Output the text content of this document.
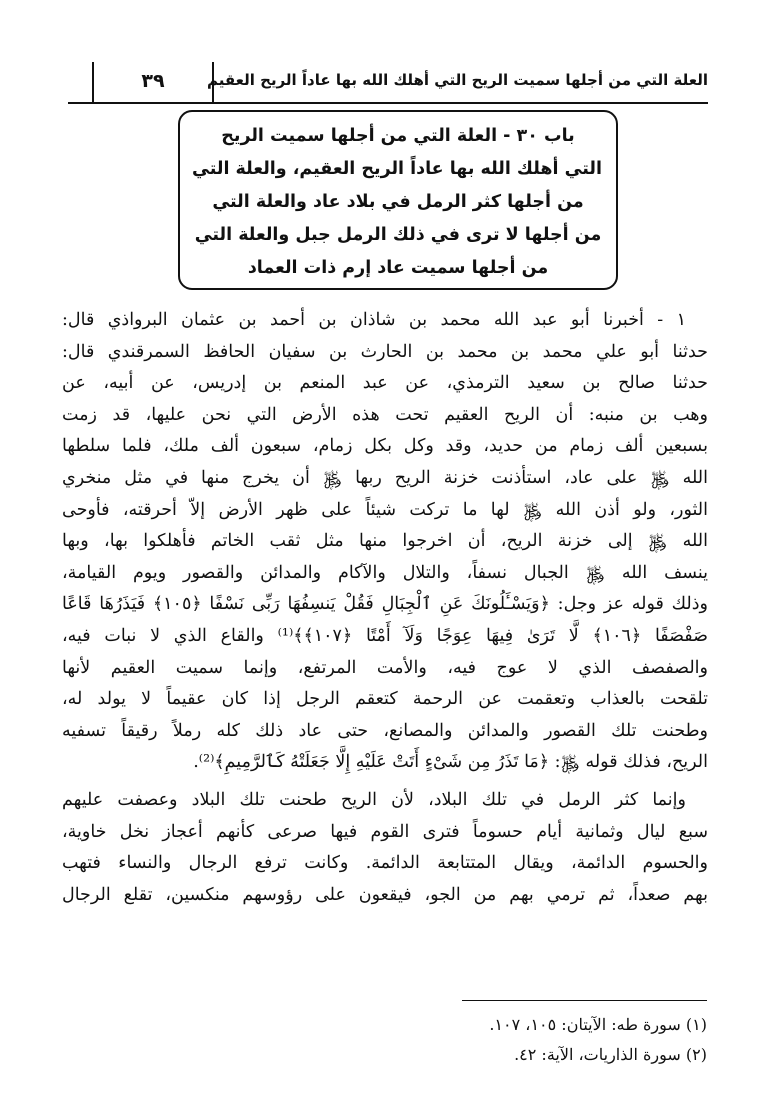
العلة التي من أجلها سميت الريح التي أهلك الله بها عاداً الريح العقيم
٣٩
باب ٣٠ - العلة التي من أجلها سميت الريح
التي أهلك الله بها عاداً الريح العقيم، والعلة التي
من أجلها كثر الرمل في بلاد عاد والعلة التي
من أجلها لا ترى في ذلك الرمل جبل والعلة التي
من أجلها سميت عاد إرم ذات العماد

١ - أخبرنا أبو عبد الله محمد بن شاذان بن أحمد بن عثمان البرواذي قال:
حدثنا أبو علي محمد بن محمد بن الحارث بن سفيان الحافظ السمرقندي قال:
حدثنا صالح بن سعيد الترمذي، عن عبد المنعم بن إدريس، عن أبيه، عن
وهب بن منبه: أن الريح العقيم تحت هذه الأرض التي نحن عليها، قد زمت
بسبعين ألف زمام من حديد، وقد وكل بكل زمام، سبعون ألف ملك، فلما سلطها
الله ﷿ على عاد، استأذنت خزنة الريح ربها ﷿ أن يخرج منها في مثل منخري
الثور، ولو أذن الله ﷿ لها ما تركت شيئاً على ظهر الأرض إلاّ أحرقته، فأوحى
الله ﷿ إلى خزنة الريح، أن اخرجوا منها مثل ثقب الخاتم فأهلكوا بها، وبها
ينسف الله ﷿ الجبال نسفاً، والتلال والآكام والمدائن والقصور ويوم القيامة،
وذلك قوله عز وجل: ﴿وَيَسْـَٔلُونَكَ عَنِ ٱلْجِبَالِ فَقُلْ يَنسِفُهَا رَبِّى نَسْفًا ﴿١٠٥﴾ فَيَذَرُهَا قَاعًا
صَفْصَفًا ﴿١٠٦﴾ لَّا تَرَىٰ فِيهَا عِوَجًا وَلَآ أَمْتًا ﴿١٠٧﴾﴾⁽¹⁾ والقاع الذي لا نبات فيه،
والصفصف الذي لا عوج فيه، والأمت المرتفع، وإنما سميت العقيم لأنها
تلقحت بالعذاب وتعقمت عن الرحمة كتعقم الرجل إذا كان عقيماً لا يولد له،
وطحنت تلك القصور والمدائن والمصانع، حتى عاد ذلك كله رملاً رقيقاً تسفيه
الريح، فذلك قوله ﷿: ﴿مَا تَذَرُ مِن شَىْءٍ أَتَتْ عَلَيْهِ إِلَّا جَعَلَتْهُ كَٱلرَّمِيمِ﴾⁽²⁾.

وإنما كثر الرمل في تلك البلاد، لأن الريح طحنت تلك البلاد وعصفت عليهم
سبع ليال وثمانية أيام حسوماً فترى القوم فيها صرعى كأنهم أعجاز نخل خاوية،
والحسوم الدائمة، ويقال المتتابعة الدائمة. وكانت ترفع الرجال والنساء فتهب
بهم صعداً، ثم ترمي بهم من الجو، فيقعون على رؤوسهم منكسين، تقلع الرجال

(١) سورة طه: الآيتان: ١٠٥، ١٠٧.
(٢) سورة الذاريات، الآية: ٤٢.
